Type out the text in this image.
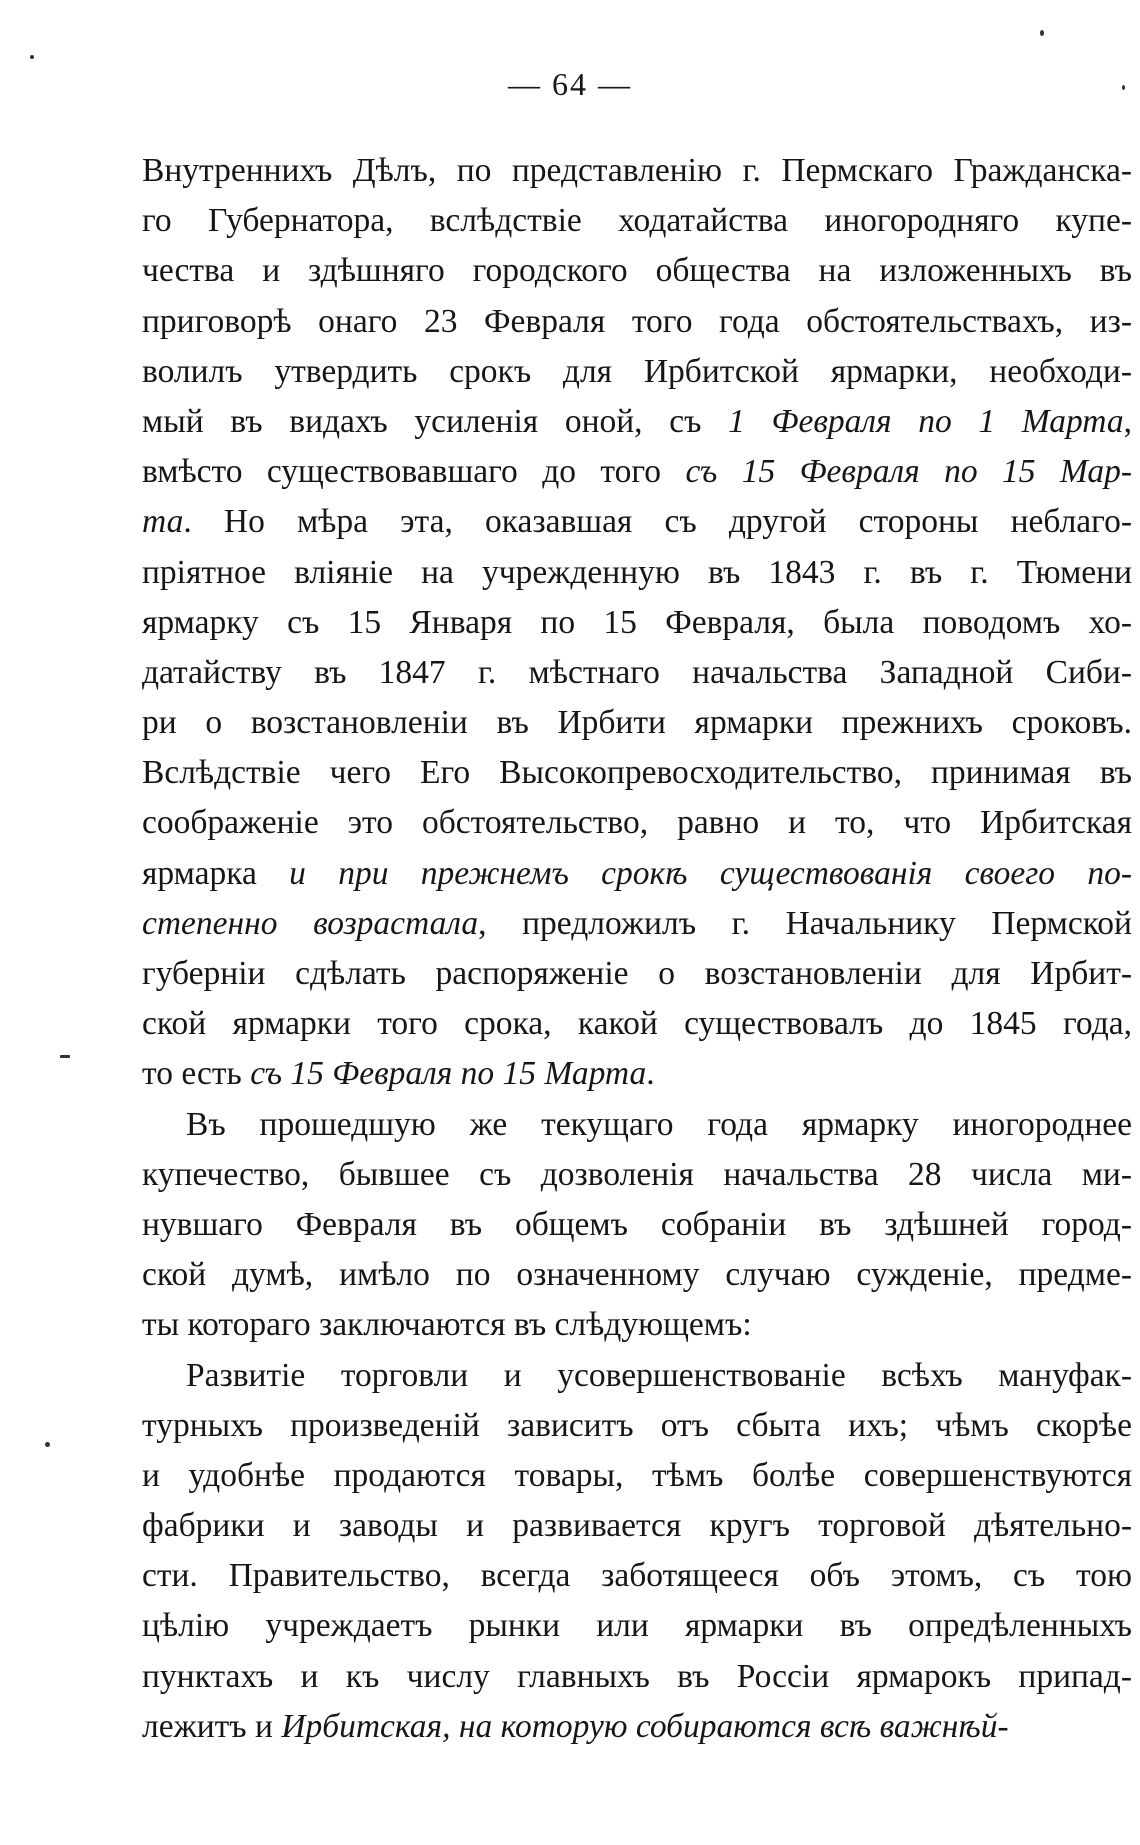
— 64 —
Внутреннихъ Дѣлъ, по представленію г. Пермскаго Гражданска-
го Губернатора, вслѣдствіе ходатайства иногородняго купе-
чества и здѣшняго городского общества на изложенныхъ въ
приговорѣ онаго 23 Февраля того года обстоятельствахъ, из-
волилъ утвердить срокъ для Ирбитской ярмарки, необходи-
мый въ видахъ усиленія оной, съ 1 Февраля по 1 Марта,
вмѣсто существовавшаго до того съ 15 Февраля по 15 Мар-
та. Но мѣра эта, оказавшая съ другой стороны неблаго-
пріятное вліяніе на учрежденную въ 1843 г. въ г. Тюмени
ярмарку съ 15 Января по 15 Февраля, была поводомъ хо-
датайству въ 1847 г. мѣстнаго начальства Западной Сиби-
ри о возстановленіи въ Ирбити ярмарки прежнихъ сроковъ.
Вслѣдствіе чего Его Высокопревосходительство, принимая въ
соображеніе это обстоятельство, равно и то, что Ирбитская
ярмарка и при прежнемъ срокѣ существованія своего по-
степенно возрастала, предложилъ г. Начальнику Пермской
губерніи сдѣлать распоряженіе о возстановленіи для Ирбит-
ской ярмарки того срока, какой существовалъ до 1845 года,
то есть съ 15 Февраля по 15 Марта.
Въ прошедшую же текущаго года ярмарку иногороднее
купечество, бывшее съ дозволенія начальства 28 числа ми-
нувшаго Февраля въ общемъ собраніи въ здѣшней город-
ской думѣ, имѣло по означенному случаю сужденіе, предме-
ты котораго заключаются въ слѣдующемъ:
Развитіе торговли и усовершенствованіе всѣхъ мануфак-
турныхъ произведеній зависитъ отъ сбыта ихъ; чѣмъ скорѣе
и удобнѣе продаются товары, тѣмъ болѣе совершенствуются
фабрики и заводы и развивается кругъ торговой дѣятельно-
сти. Правительство, всегда заботящееся объ этомъ, съ тою
цѣлію учреждаетъ рынки или ярмарки въ опредѣленныхъ
пунктахъ и къ числу главныхъ въ Россіи ярмарокъ припад-
лежитъ и Ирбитская, на которую собираются всѣ важнѣй-
